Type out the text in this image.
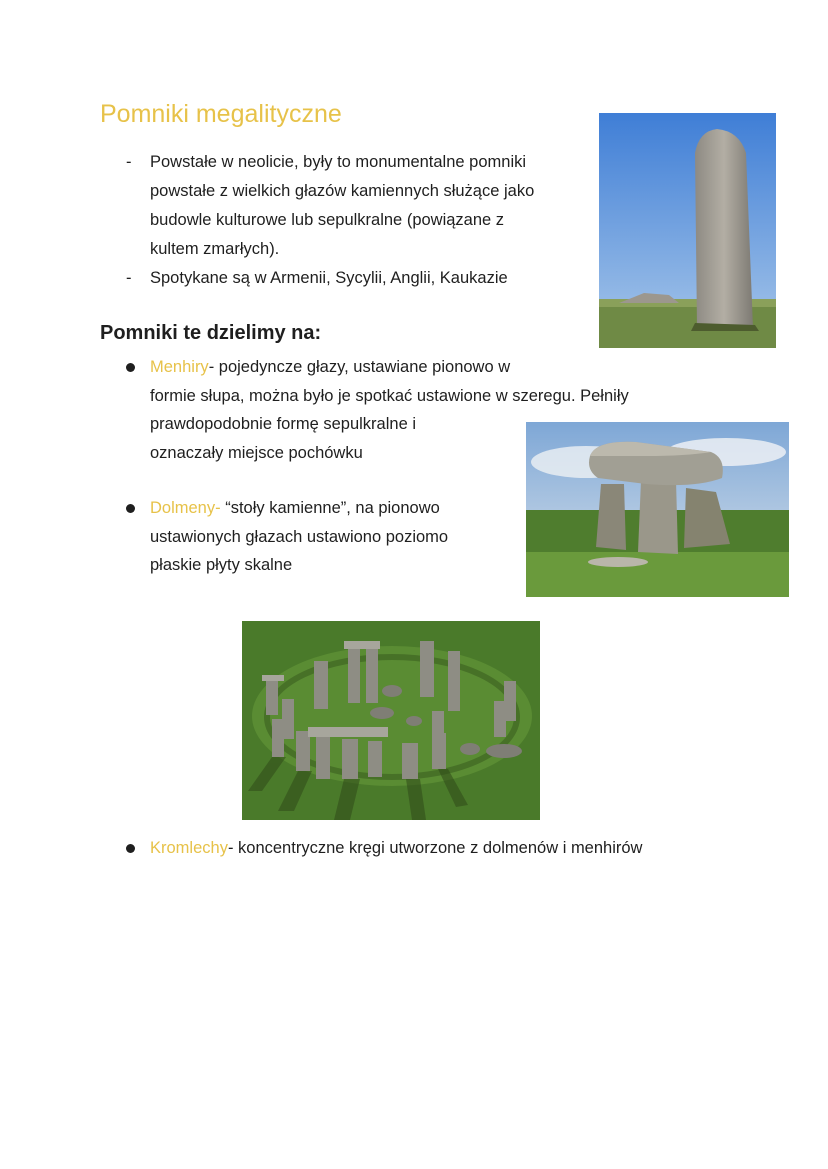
Pomniki megalityczne
- Powstałe w neolicie, były to monumentalne pomniki
powstałe z wielkich głazów kamiennych służące jako
budowle kulturowe lub sepulkralne (powiązane z
kultem zmarłych).
- Spotykane są w Armenii, Sycylii, Anglii, Kaukazie
Pomniki te dzielimy na:
Menhiry- pojedyncze głazy, ustawiane pionowo w
formie słupa, można było je spotkać ustawione w szeregu. Pełniły
prawdopodobnie formę sepulkralne i
oznaczały miejsce pochówku
Dolmeny- “stoły kamienne”, na pionowo
ustawionych głazach ustawiono poziomo
płaskie płyty skalne
Kromlechy- koncentryczne kręgi utworzone z dolmenów i menhirów
